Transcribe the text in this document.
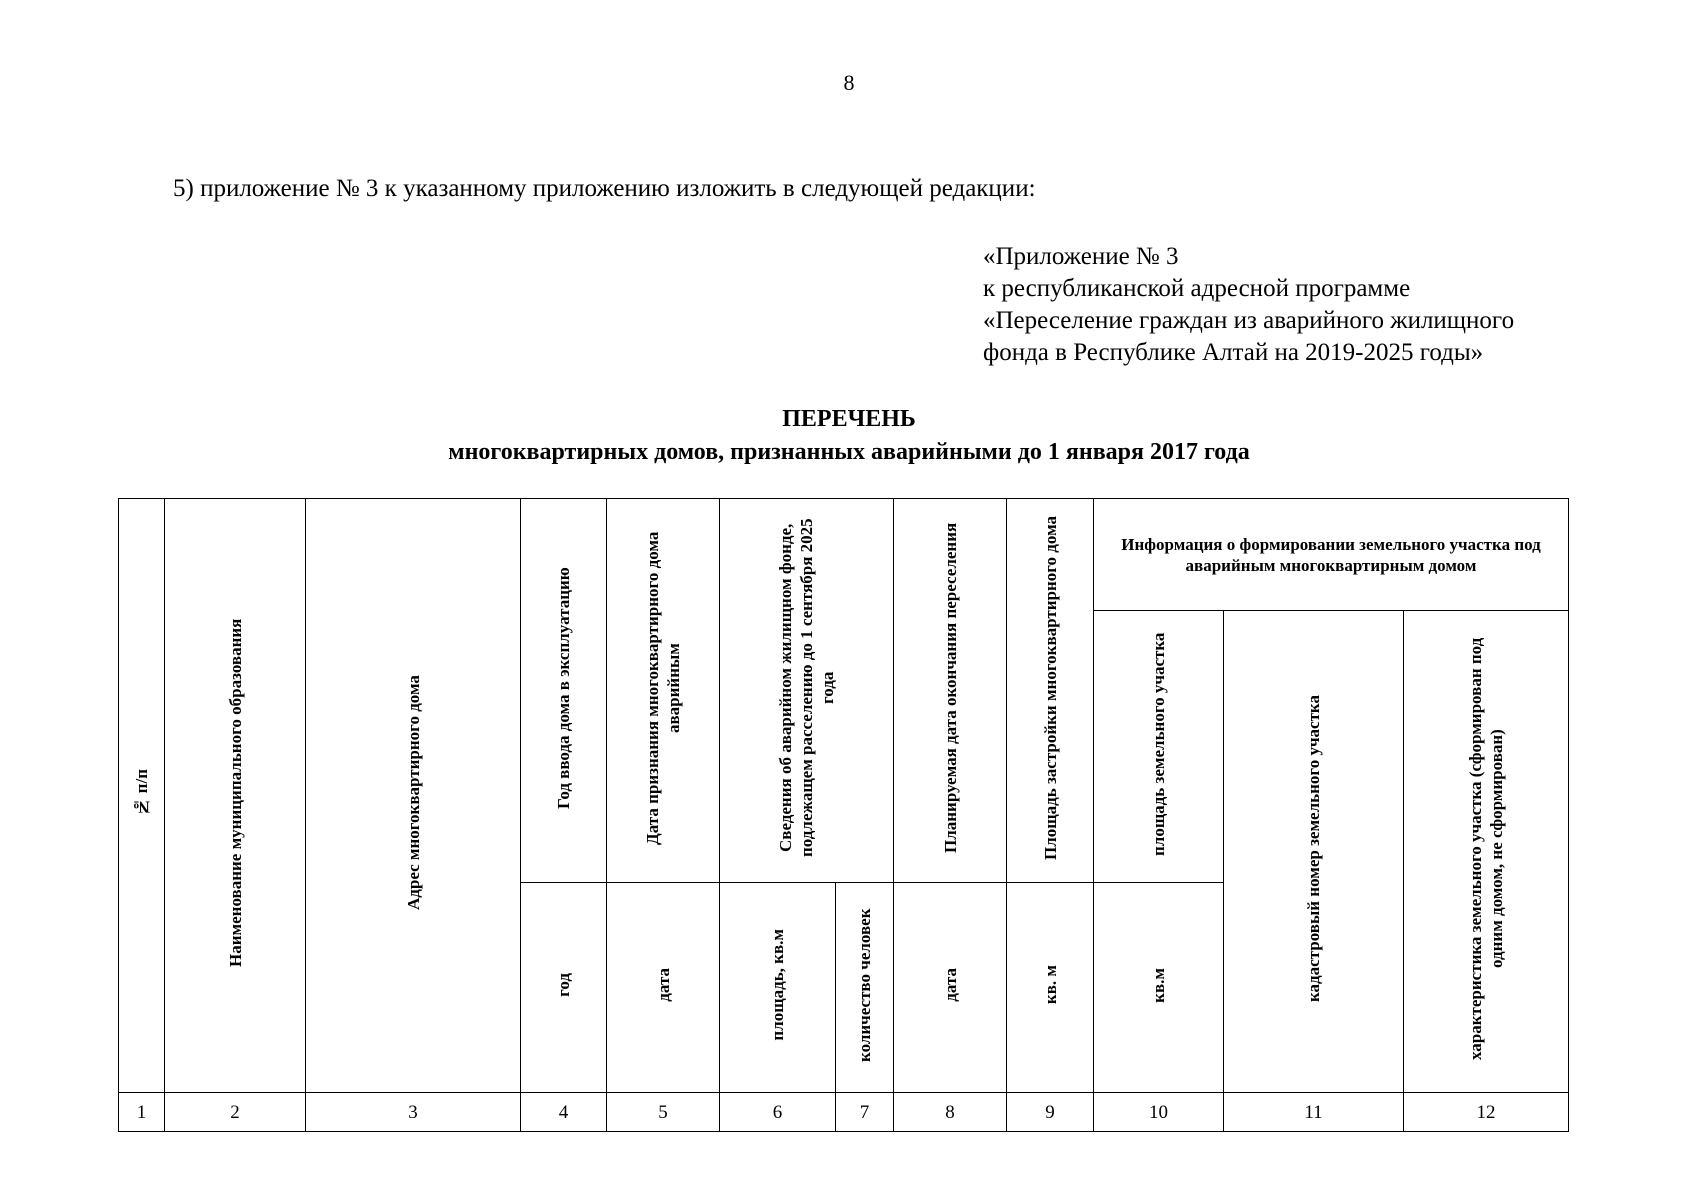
8
5) приложение № 3 к указанному приложению изложить в следующей редакции:
«Приложение № 3
к республиканской адресной программе
«Переселение граждан из аварийного жилищного
фонда в Республике Алтай на 2019-2025 годы»
ПЕРЕЧЕНЬ
многоквартирных домов, признанных аварийными до 1 января 2017 года
№ п/п	Наименование муниципального образования	Адрес многоквартирного дома	Год ввода дома в эксплуатацию	Дата признания многоквартирного дома аварийным	Сведения об аварийном жилищном фонде, подлежащем расселению до 1 сентября 2025 года		Планируемая дата окончания переселения	Площадь застройки многоквартирного дома	Информация о формировании земельного участка под аварийным многоквартирным домом		
									площадь земельного участка	кадастровый номер земельного участка	характеристика земельного участка (сформирован под одним домом, не сформирован)
			год	дата	площадь, кв.м	количество человек	дата	кв. м	кв.м		
1	2	3	4	5	6	7	8	9	10	11	12
